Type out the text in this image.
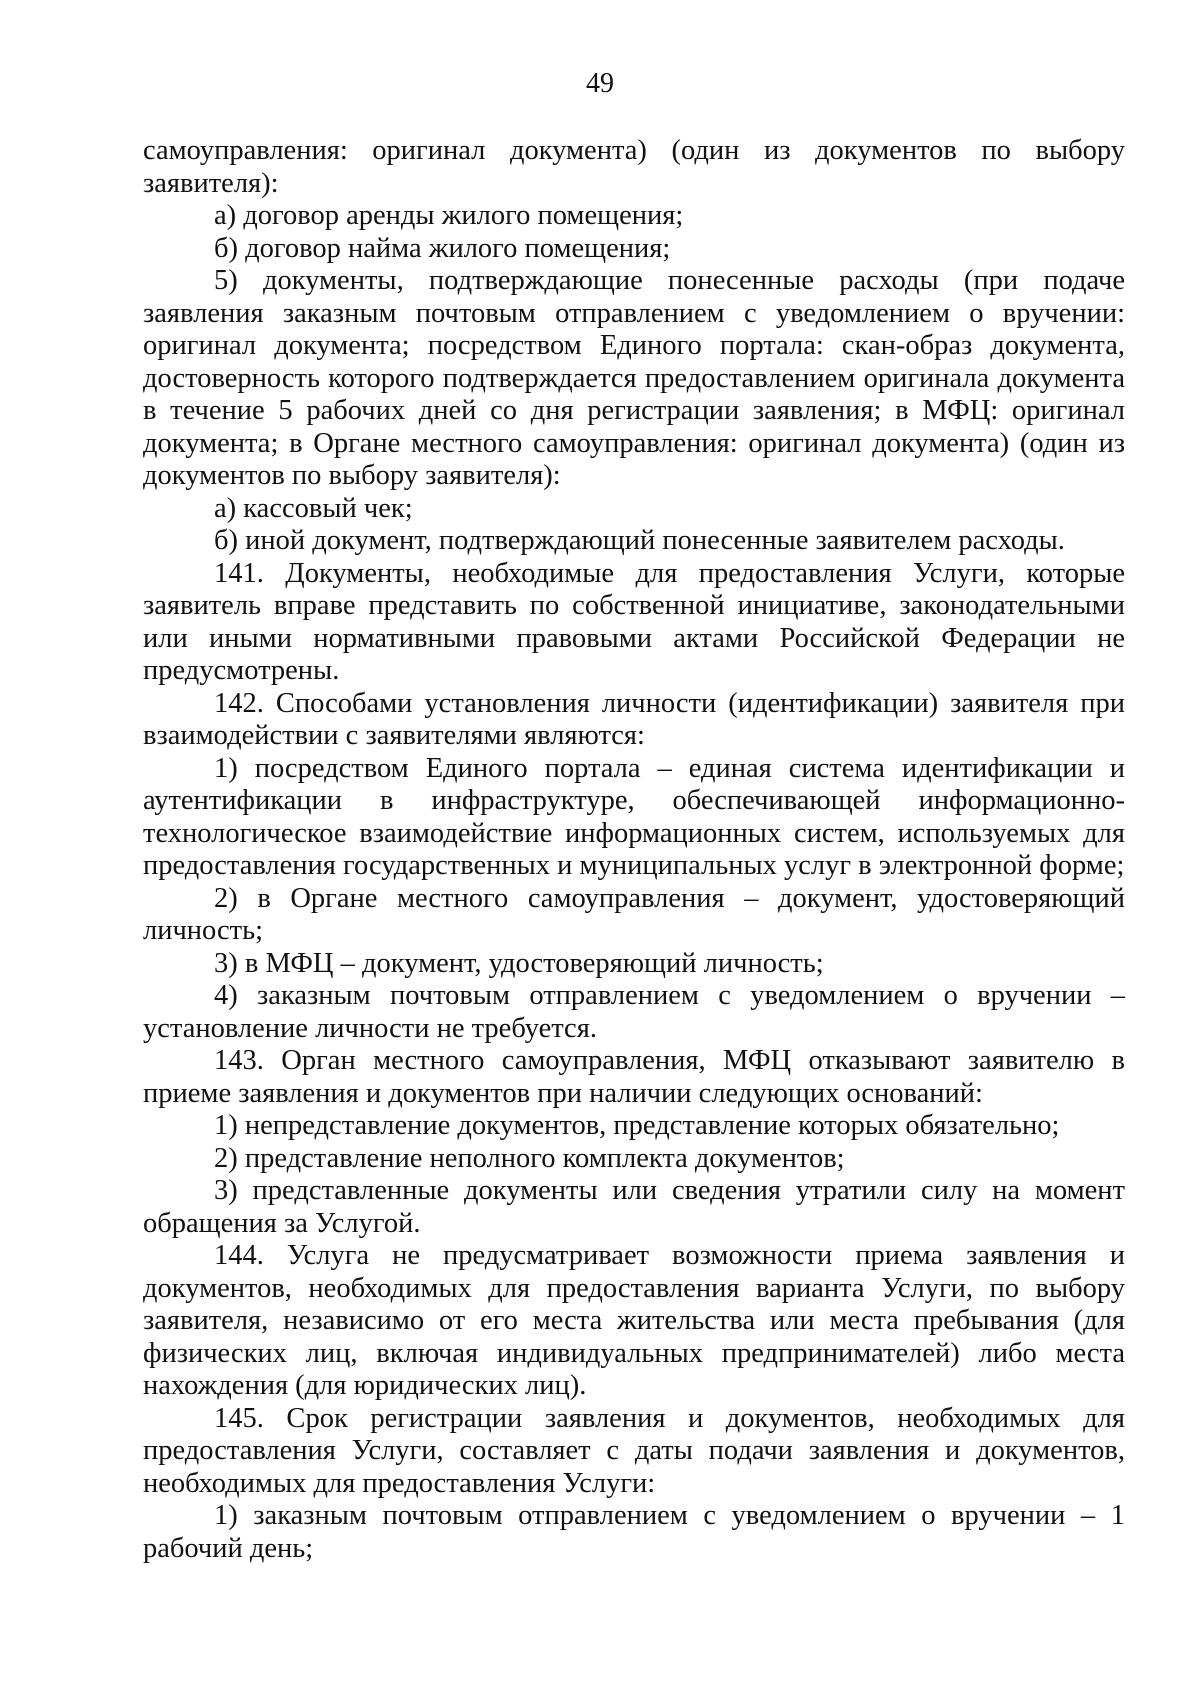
49

самоуправления: оригинал документа) (один из документов по выбору заявителя):

а) договор аренды жилого помещения;

б) договор найма жилого помещения;

5) документы, подтверждающие понесенные расходы (при подаче заявления заказным почтовым отправлением с уведомлением о вручении: оригинал документа; посредством Единого портала: скан-образ документа, достоверность которого подтверждается предоставлением оригинала документа в течение 5 рабочих дней со дня регистрации заявления; в МФЦ: оригинал документа; в Органе местного самоуправления: оригинал документа) (один из документов по выбору заявителя):

а) кассовый чек;

б) иной документ, подтверждающий понесенные заявителем расходы.

141. Документы, необходимые для предоставления Услуги, которые заявитель вправе представить по собственной инициативе, законодательными или иными нормативными правовыми актами Российской Федерации не предусмотрены.

142. Способами установления личности (идентификации) заявителя при взаимодействии с заявителями являются:

1) посредством Единого портала – единая система идентификации и аутентификации в инфраструктуре, обеспечивающей информационно-технологическое взаимодействие информационных систем, используемых для предоставления государственных и муниципальных услуг в электронной форме;

2) в Органе местного самоуправления – документ, удостоверяющий личность;

3) в МФЦ – документ, удостоверяющий личность;

4) заказным почтовым отправлением с уведомлением о вручении – установление личности не требуется.

143. Орган местного самоуправления, МФЦ отказывают заявителю в приеме заявления и документов при наличии следующих оснований:

1) непредставление документов, представление которых обязательно;

2) представление неполного комплекта документов;

3) представленные документы или сведения утратили силу на момент обращения за Услугой.

144. Услуга не предусматривает возможности приема заявления и документов, необходимых для предоставления варианта Услуги, по выбору заявителя, независимо от его места жительства или места пребывания (для физических лиц, включая индивидуальных предпринимателей) либо места нахождения (для юридических лиц).

145. Срок регистрации заявления и документов, необходимых для предоставления Услуги, составляет с даты подачи заявления и документов, необходимых для предоставления Услуги:

1) заказным почтовым отправлением с уведомлением о вручении – 1 рабочий день;
